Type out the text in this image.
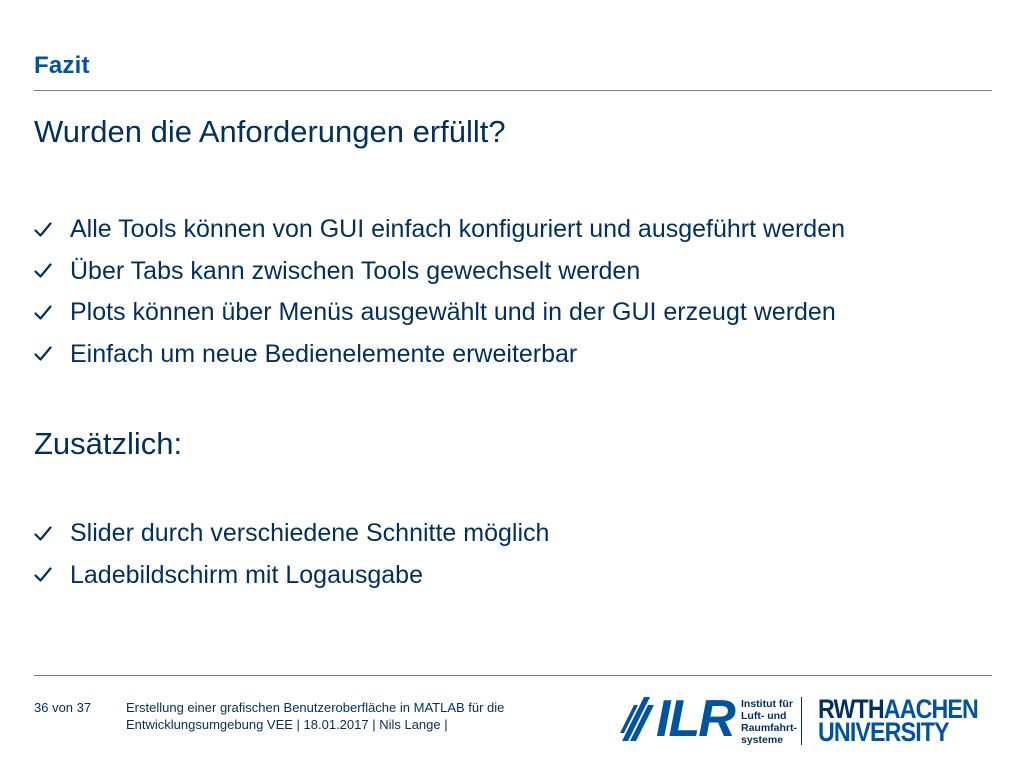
Fazit
Wurden die Anforderungen erfüllt?
Alle Tools können von GUI einfach konfiguriert und ausgeführt werden
Über Tabs kann zwischen Tools gewechselt werden
Plots können über Menüs ausgewählt und in der GUI erzeugt werden
Einfach um neue Bedienelemente erweiterbar
Zusätzlich:
Slider durch verschiedene Schnitte möglich
Ladebildschirm mit Logausgabe
36 von 37	Erstellung einer grafischen Benutzeroberfläche in MATLAB für die
Entwicklungsumgebung VEE | 18.01.2017 | Nils Lange |	ILR Institut für
Luft- und
Raumfahrt-
systeme
RWTHAACHEN
UNIVERSITY
